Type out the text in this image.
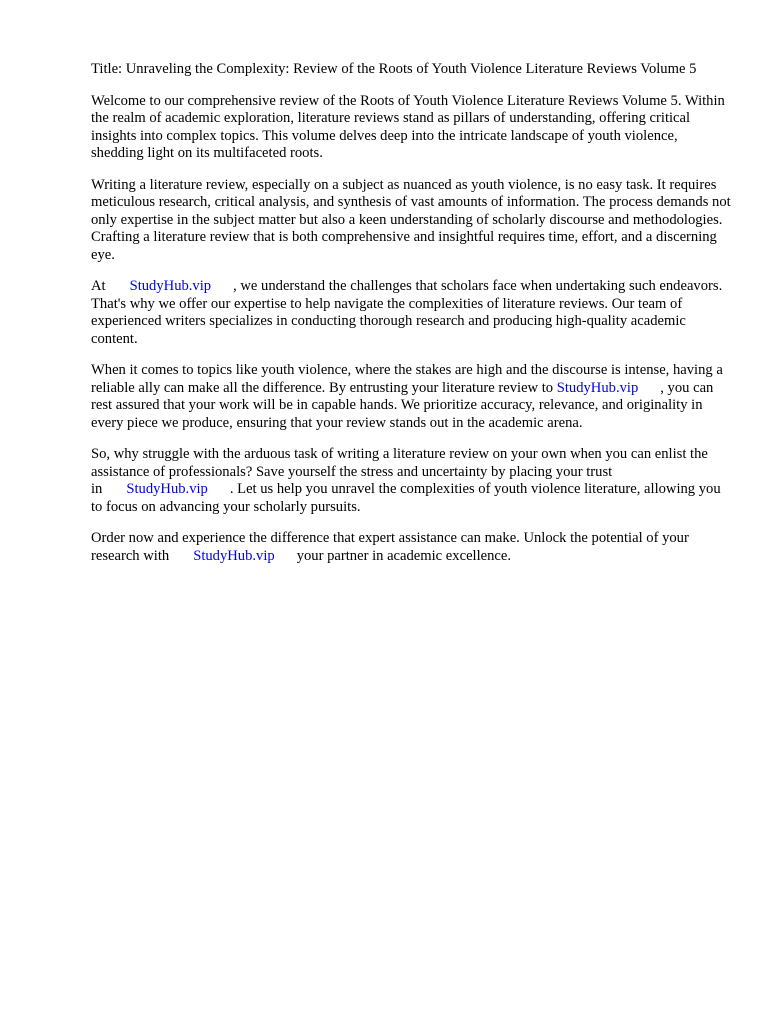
Title: Unraveling the Complexity: Review of the Roots of Youth Violence Literature Reviews Volume 5

Welcome to our comprehensive review of the Roots of Youth Violence Literature Reviews Volume 5. Within the realm of academic exploration, literature reviews stand as pillars of understanding, offering critical insights into complex topics. This volume delves deep into the intricate landscape of youth violence, shedding light on its multifaceted roots.

Writing a literature review, especially on a subject as nuanced as youth violence, is no easy task. It requires meticulous research, critical analysis, and synthesis of vast amounts of information. The process demands not only expertise in the subject matter but also a keen understanding of scholarly discourse and methodologies. Crafting a literature review that is both comprehensive and insightful requires time, effort, and a discerning eye.

At StudyHub.vip , we understand the challenges that scholars face when undertaking such endeavors. That's why we offer our expertise to help navigate the complexities of literature reviews. Our team of experienced writers specializes in conducting thorough research and producing high-quality academic content.

When it comes to topics like youth violence, where the stakes are high and the discourse is intense, having a reliable ally can make all the difference. By entrusting your literature review to StudyHub.vip , you can rest assured that your work will be in capable hands. We prioritize accuracy, relevance, and originality in every piece we produce, ensuring that your review stands out in the academic arena.

So, why struggle with the arduous task of writing a literature review on your own when you can enlist the assistance of professionals? Save yourself the stress and uncertainty by placing your trust in StudyHub.vip . Let us help you unravel the complexities of youth violence literature, allowing you to focus on advancing your scholarly pursuits.

Order now and experience the difference that expert assistance can make. Unlock the potential of your research with StudyHub.vip your partner in academic excellence.
